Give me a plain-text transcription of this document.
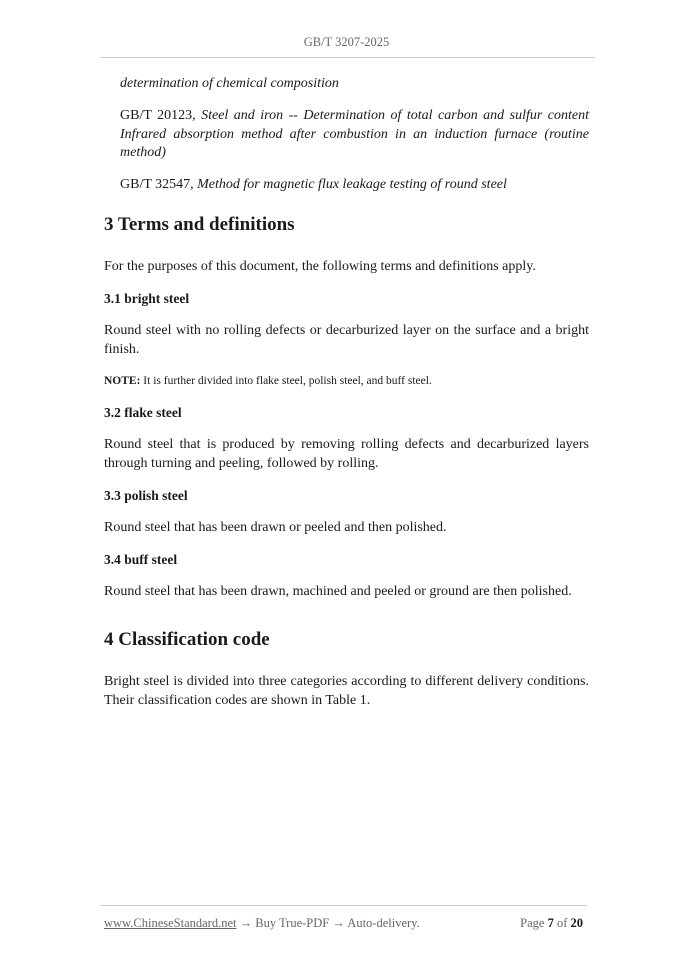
GB/T 3207-2025
determination of chemical composition
GB/T 20123, Steel and iron -- Determination of total carbon and sulfur content Infrared absorption method after combustion in an induction furnace (routine method)
GB/T 32547, Method for magnetic flux leakage testing of round steel
3 Terms and definitions
For the purposes of this document, the following terms and definitions apply.
3.1 bright steel
Round steel with no rolling defects or decarburized layer on the surface and a bright finish.
NOTE: It is further divided into flake steel, polish steel, and buff steel.
3.2 flake steel
Round steel that is produced by removing rolling defects and decarburized layers through turning and peeling, followed by rolling.
3.3 polish steel
Round steel that has been drawn or peeled and then polished.
3.4 buff steel
Round steel that has been drawn, machined and peeled or ground are then polished.
4 Classification code
Bright steel is divided into three categories according to different delivery conditions. Their classification codes are shown in Table 1.
www.ChineseStandard.net → Buy True-PDF → Auto-delivery.	Page 7 of 20
